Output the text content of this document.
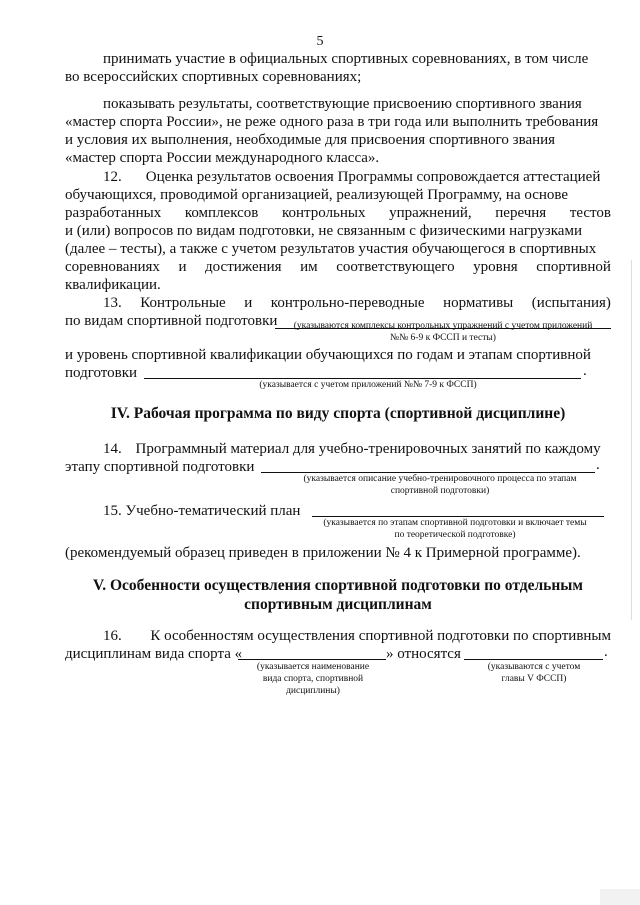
5
принимать участие в официальных спортивных соревнованиях, в том числе
во всероссийских спортивных соревнованиях;
показывать результаты, соответствующие присвоению спортивного звания
«мастер спорта России», не реже одного раза в три года или выполнить требования
и условия их выполнения, необходимые для присвоения спортивного звания
«мастер спорта России международного класса».
12. Оценка результатов освоения Программы сопровождается аттестацией
обучающихся, проводимой организацией, реализующей Программу, на основе
разработанных комплексов контрольных упражнений, перечня тестов
и (или) вопросов по видам подготовки, не связанным с физическими нагрузками
(далее – тесты), а также с учетом результатов участия обучающегося в спортивных
соревнованиях и достижения им соответствующего уровня спортивной
квалификации.
13. Контрольные и контрольно-переводные нормативы (испытания)
по видам спортивной подготовки	(указываются комплексы контрольных упражнений с учетом приложений
№№ 6-9 к ФССП и тесты)
и уровень спортивной квалификации обучающихся по годам и этапам спортивной
подготовки	.
(указывается с учетом приложений №№ 7-9 к ФССП)
IV. Рабочая программа по виду спорта (спортивной дисциплине)
14. Программный материал для учебно-тренировочных занятий по каждому
этапу спортивной подготовки	.
(указывается описание учебно-тренировочного процесса по этапам
спортивной подготовки)
15. Учебно-тематический план
(указывается по этапам спортивной подготовки и включает темы
по теоретической подготовке)
(рекомендуемый образец приведен в приложении № 4 к Примерной программе).
V. Особенности осуществления спортивной подготовки по отдельным
спортивным дисциплинам
16. К особенностям осуществления спортивной подготовки по спортивным
дисциплинам вида спорта «	» относятся	.
(указывается наименование
вида спорта, спортивной
дисциплины)
(указываются с учетом
главы V ФССП)
